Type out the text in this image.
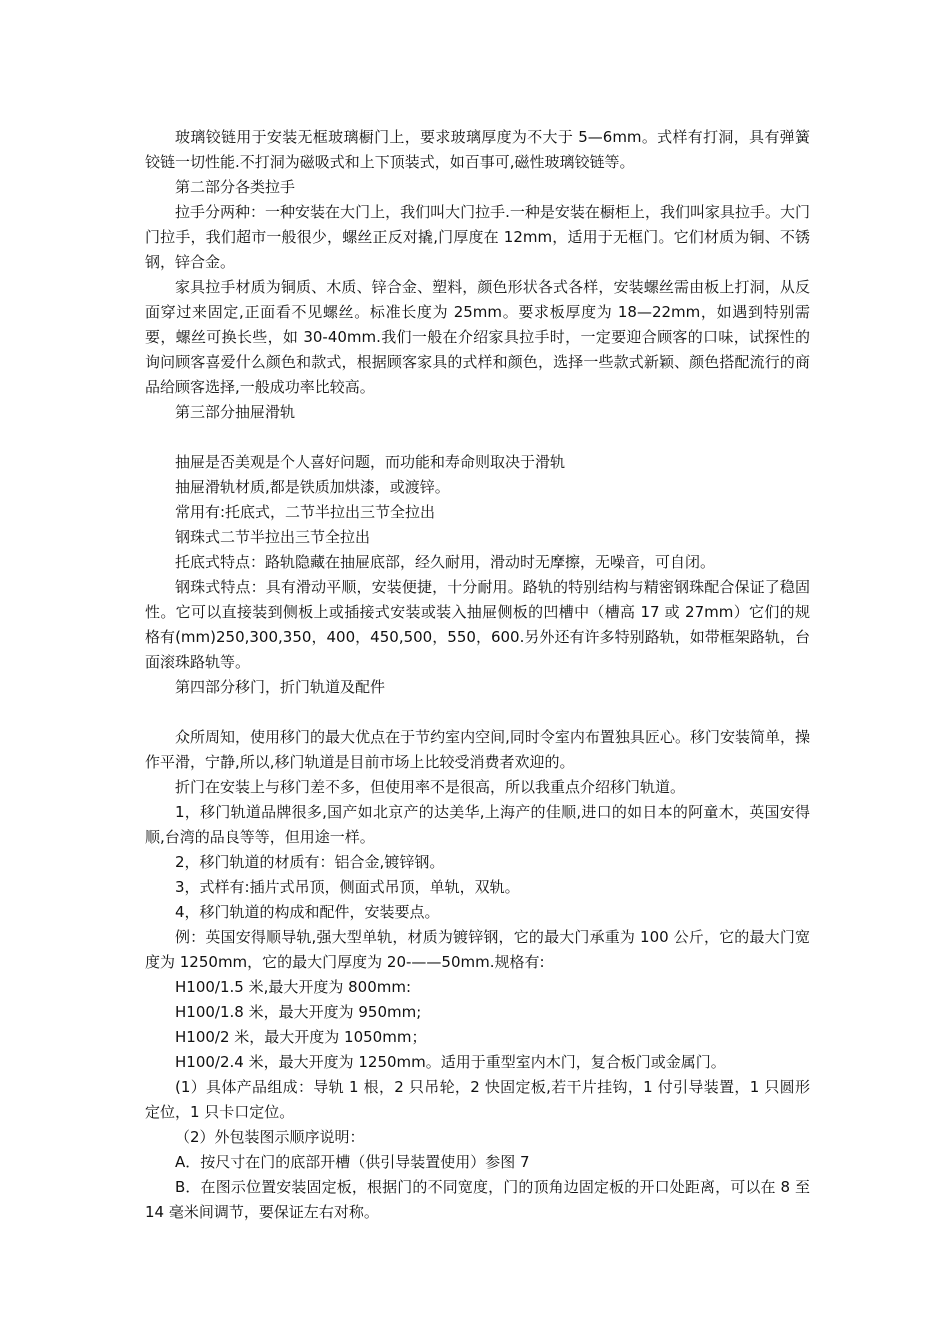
玻璃铰链用于安装无框玻璃橱门上，要求玻璃厚度为不大于 5—6mm。式样有打洞，具有弹簧铰链一切性能.不打洞为磁吸式和上下顶装式，如百事可,磁性玻璃铰链等。

第二部分各类拉手

拉手分两种：一种安装在大门上，我们叫大门拉手.一种是安装在橱柜上，我们叫家具拉手。大门门拉手，我们超市一般很少，螺丝正反对撬,门厚度在 12mm，适用于无框门。它们材质为铜、不锈钢，锌合金。

家具拉手材质为铜质、木质、锌合金、塑料，颜色形状各式各样，安装螺丝需由板上打洞，从反面穿过来固定,正面看不见螺丝。标准长度为 25mm。要求板厚度为 18—22mm，如遇到特别需要，螺丝可换长些，如 30-40mm.我们一般在介绍家具拉手时，一定要迎合顾客的口味，试探性的询问顾客喜爱什么颜色和款式，根据顾客家具的式样和颜色，选择一些款式新颖、颜色搭配流行的商品给顾客选择,一般成功率比较高。

第三部分抽屉滑轨

抽屉是否美观是个人喜好问题，而功能和寿命则取决于滑轨

抽屉滑轨材质,都是铁质加烘漆，或渡锌。

常用有:托底式，二节半拉出三节全拉出

钢珠式二节半拉出三节全拉出

托底式特点：路轨隐藏在抽屉底部，经久耐用，滑动时无摩擦，无噪音，可自闭。

钢珠式特点：具有滑动平顺，安装便捷，十分耐用。路轨的特别结构与精密钢珠配合保证了稳固性。它可以直接装到侧板上或插接式安装或装入抽屉侧板的凹槽中（槽高 17 或 27mm）它们的规格有(mm)250,300,350，400，450,500，550，600.另外还有许多特别路轨，如带框架路轨，台面滚珠路轨等。

第四部分移门，折门轨道及配件

众所周知，使用移门的最大优点在于节约室内空间,同时令室内布置独具匠心。移门安装简单，操作平滑，宁静,所以,移门轨道是目前市场上比较受消费者欢迎的。

折门在安装上与移门差不多，但使用率不是很高，所以我重点介绍移门轨道。

1，移门轨道品牌很多,国产如北京产的达美华,上海产的佳顺,进口的如日本的阿童木，英国安得顺,台湾的品良等等，但用途一样。

2，移门轨道的材质有：铝合金,镀锌钢。

3，式样有:插片式吊顶，侧面式吊顶，单轨，双轨。

4，移门轨道的构成和配件，安装要点。

例：英国安得顺导轨,强大型单轨，材质为镀锌钢，它的最大门承重为 100 公斤，它的最大门宽度为 1250mm，它的最大门厚度为 20-——50mm.规格有:

H100/1.5 米,最大开度为 800mm:

H100/1.8 米，最大开度为 950mm;

H100/2 米，最大开度为 1050mm；

H100/2.4 米，最大开度为 1250mm。适用于重型室内木门，复合板门或金属门。

(1）具体产品组成：导轨 1 根，2 只吊轮，2 快固定板,若干片挂钩，1 付引导装置，1 只圆形定位，1 只卡口定位。

（2）外包装图示顺序说明：

A．按尺寸在门的底部开槽（供引导装置使用）参图 7

B．在图示位置安装固定板，根据门的不同宽度，门的顶角边固定板的开口处距离，可以在 8 至 14 毫米间调节，要保证左右对称。
